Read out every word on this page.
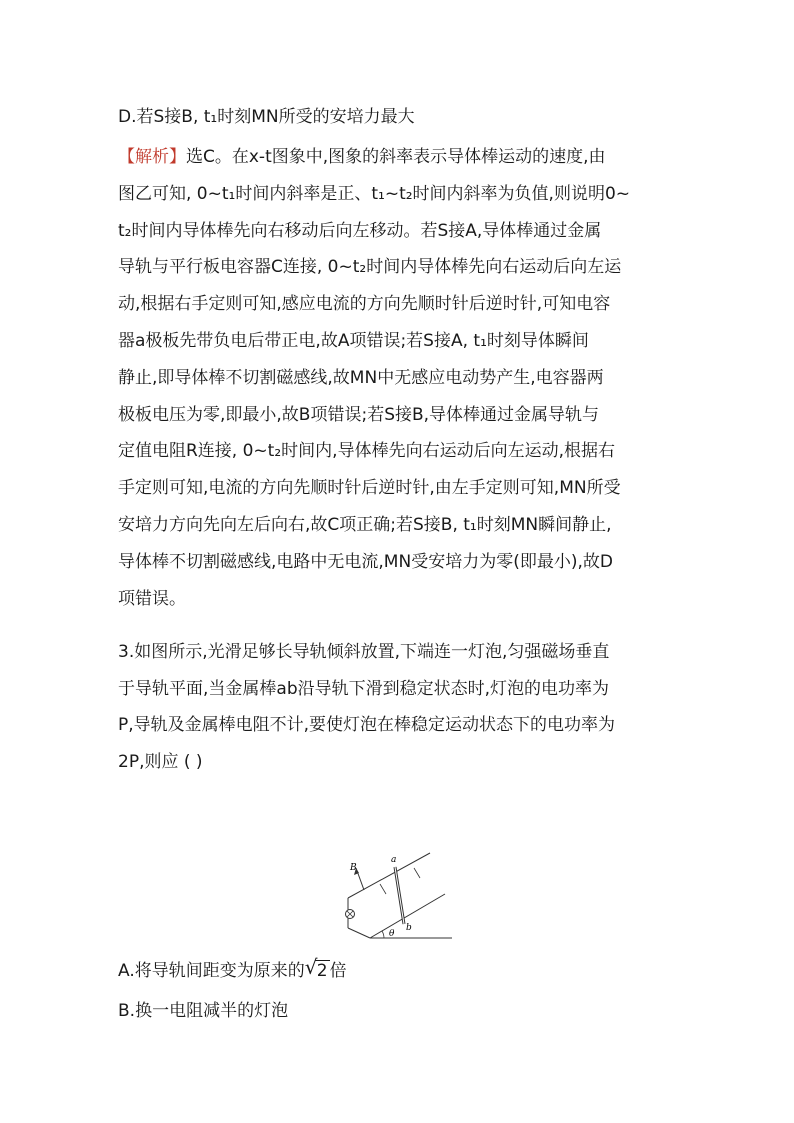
D.若S接B, t₁时刻MN所受的安培力最大
【解析】选C。在x-t图象中,图象的斜率表示导体棒运动的速度,由
图乙可知, 0~t₁时间内斜率是正、t₁~t₂时间内斜率为负值,则说明0~
t₂时间内导体棒先向右移动后向左移动。若S接A,导体棒通过金属
导轨与平行板电容器C连接, 0~t₂时间内导体棒先向右运动后向左运
动,根据右手定则可知,感应电流的方向先顺时针后逆时针,可知电容
器a极板先带负电后带正电,故A项错误;若S接A, t₁时刻导体瞬间
静止,即导体棒不切割磁感线,故MN中无感应电动势产生,电容器两
极板电压为零,即最小,故B项错误;若S接B,导体棒通过金属导轨与
定值电阻R连接, 0~t₂时间内,导体棒先向右运动后向左运动,根据右
手定则可知,电流的方向先顺时针后逆时针,由左手定则可知,MN所受
安培力方向先向左后向右,故C项正确;若S接B, t₁时刻MN瞬间静止,
导体棒不切割磁感线,电路中无电流,MN受安培力为零(即最小),故D
项错误。
3.如图所示,光滑足够长导轨倾斜放置,下端连一灯泡,匀强磁场垂直
于导轨平面,当金属棒ab沿导轨下滑到稳定状态时,灯泡的电功率为
P,导轨及金属棒电阻不计,要使灯泡在棒稳定运动状态下的电功率为
2P,则应 ( )
B
a
b
θ
A.将导轨间距变为原来的 √ 2 倍
B.换一电阻减半的灯泡
